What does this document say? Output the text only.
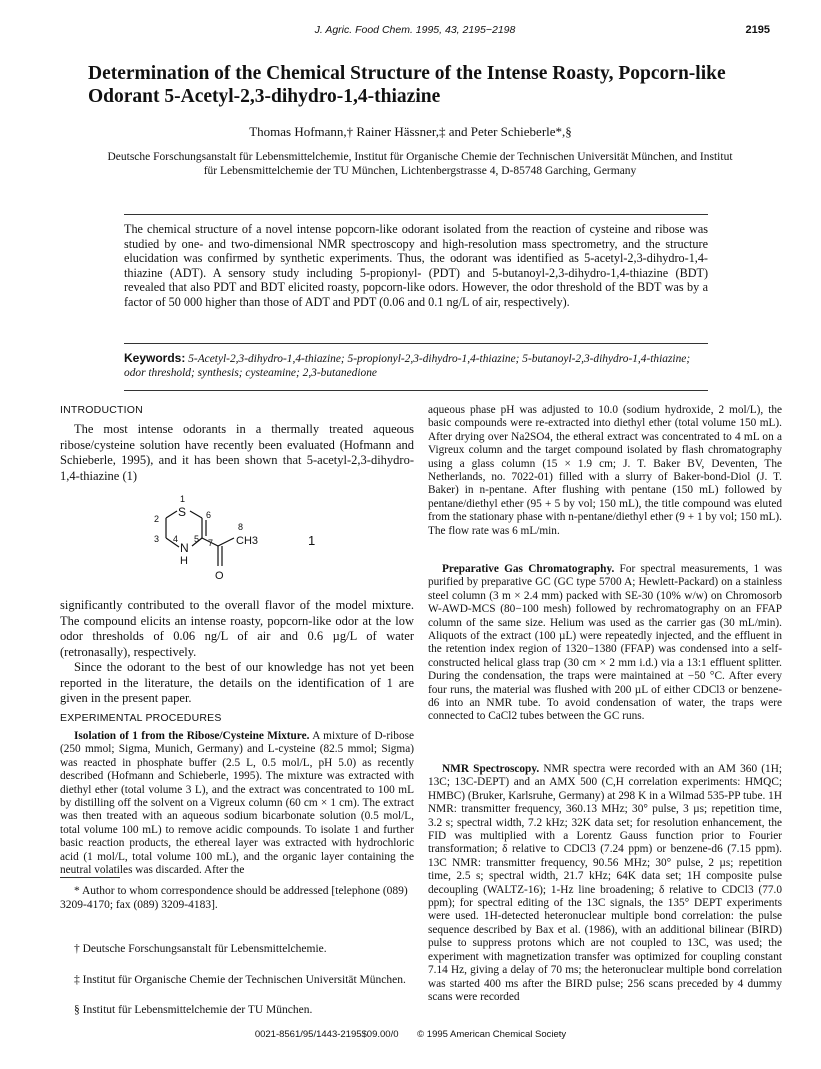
J. Agric. Food Chem. 1995, 43, 2195−2198	2195
Determination of the Chemical Structure of the Intense Roasty, Popcorn-like Odorant 5-Acetyl-2,3-dihydro-1,4-thiazine
Thomas Hofmann,† Rainer Hässner,‡ and Peter Schieberle*,§
Deutsche Forschungsanstalt für Lebensmittelchemie, Institut für Organische Chemie der Technischen Universität München, and Institut für Lebensmittelchemie der TU München, Lichtenbergstrasse 4, D-85748 Garching, Germany
The chemical structure of a novel intense popcorn-like odorant isolated from the reaction of cysteine and ribose was studied by one- and two-dimensional NMR spectroscopy and high-resolution mass spectrometry, and the structure elucidation was confirmed by synthetic experiments. Thus, the odorant was identified as 5-acetyl-2,3-dihydro-1,4-thiazine (ADT). A sensory study including 5-propionyl- (PDT) and 5-butanoyl-2,3-dihydro-1,4-thiazine (BDT) revealed that also PDT and BDT elicited roasty, popcorn-like odors. However, the odor threshold of the BDT was by a factor of 50 000 higher than those of ADT and PDT (0.06 and 0.1 ng/L of air, respectively).
Keywords: 5-Acetyl-2,3-dihydro-1,4-thiazine; 5-propionyl-2,3-dihydro-1,4-thiazine; 5-butanoyl-2,3-dihydro-1,4-thiazine; odor threshold; synthesis; cysteamine; 2,3-butanedione
INTRODUCTION
The most intense odorants in a thermally treated aqueous ribose/cysteine solution have recently been evaluated (Hofmann and Schieberle, 1995), and it has been shown that 5-acetyl-2,3-dihydro-1,4-thiazine (1)
1
2
3 4 5
6
7
8
S
N
H
O
CH3	1
significantly contributed to the overall flavor of the model mixture. The compound elicits an intense roasty, popcorn-like odor at the low odor thresholds of 0.06 ng/L of air and 0.6 µg/L of water (retronasally), respectively.
Since the odorant to the best of our knowledge has not yet been reported in the literature, the details on the identification of 1 are given in the present paper.
EXPERIMENTAL PROCEDURES
Isolation of 1 from the Ribose/Cysteine Mixture. A mixture of D-ribose (250 mmol; Sigma, Munich, Germany) and L-cysteine (82.5 mmol; Sigma) was reacted in phosphate buffer (2.5 L, 0.5 mol/L, pH 5.0) as recently described (Hofmann and Schieberle, 1995). The mixture was extracted with diethyl ether (total volume 3 L), and the extract was concentrated to 100 mL by distilling off the solvent on a Vigreux column (60 cm × 1 cm). The extract was then treated with an aqueous sodium bicarbonate solution (0.5 mol/L, total volume 100 mL) to remove acidic compounds. To isolate 1 and further basic reaction products, the ethereal layer was extracted with hydrochloric acid (1 mol/L, total volume 100 mL), and the organic layer containing the neutral volatiles was discarded. After the
* Author to whom correspondence should be addressed [telephone (089) 3209-4170; fax (089) 3209-4183].
† Deutsche Forschungsanstalt für Lebensmittelchemie.
‡ Institut für Organische Chemie der Technischen Universität München.
§ Institut für Lebensmittelchemie der TU München.
aqueous phase pH was adjusted to 10.0 (sodium hydroxide, 2 mol/L), the basic compounds were re-extracted into diethyl ether (total volume 150 mL). After drying over Na2SO4, the etheral extract was concentrated to 4 mL on a Vigreux column and the target compound isolated by flash chromatography using a glass column (15 × 1.9 cm; J. T. Baker BV, Deventen, The Netherlands, no. 7022-01) filled with a slurry of Baker-bond-Diol (J. T. Baker) in n-pentane. After flushing with pentane (150 mL) followed by pentane/diethyl ether (95 + 5 by vol; 150 mL), the title compound was eluted from the stationary phase with n-pentane/diethyl ether (9 + 1 by vol; 150 mL). The flow rate was 6 mL/min.
Preparative Gas Chromatography. For spectral measurements, 1 was purified by preparative GC (GC type 5700 A; Hewlett-Packard) on a stainless steel column (3 m × 2.4 mm) packed with SE-30 (10% w/w) on Chromosorb W-AWD-MCS (80−100 mesh) followed by rechromatography on an FFAP column of the same size. Helium was used as the carrier gas (30 mL/min). Aliquots of the extract (100 µL) were repeatedly injected, and the effluent in the retention index region of 1320−1380 (FFAP) was condensed into a self-constructed helical glass trap (30 cm × 2 mm i.d.) via a 13:1 effluent splitter. During the condensation, the traps were maintained at −50 °C. After every four runs, the material was flushed with 200 µL of either CDCl3 or benzene-d6 into an NMR tube. To avoid condensation of water, the traps were connected to CaCl2 tubes between the GC runs.
NMR Spectroscopy. NMR spectra were recorded with an AM 360 (1H; 13C; 13C-DEPT) and an AMX 500 (C,H correlation experiments: HMQC; HMBC) (Bruker, Karlsruhe, Germany) at 298 K in a Wilmad 535-PP tube. 1H NMR: transmitter frequency, 360.13 MHz; 30° pulse, 3 µs; repetition time, 3.2 s; spectral width, 7.2 kHz; 32K data set; for resolution enhancement, the FID was multiplied with a Lorentz Gauss function prior to Fourier transformation; δ relative to CDCl3 (7.24 ppm) or benzene-d6 (7.15 ppm). 13C NMR: transmitter frequency, 90.56 MHz; 30° pulse, 2 µs; repetition time, 2.5 s; spectral width, 21.7 kHz; 64K data set; 1H composite pulse decoupling (WALTZ-16); 1-Hz line broadening; δ relative to CDCl3 (77.0 ppm); for spectral editing of the 13C signals, the 135° DEPT experiments were used. 1H-detected heteronuclear multiple bond correlation: the pulse sequence described by Bax et al. (1986), with an additional bilinear (BIRD) pulse to suppress protons which are not coupled to 13C, was used; the experiment with magnetization transfer was optimized for coupling constant 7.14 Hz, giving a delay of 70 ms; the heteronuclear multiple bond correlation was started 400 ms after the BIRD pulse; 256 scans preceded by 4 dummy scans were recorded
0021-8561/95/1443-2195$09.00/0 © 1995 American Chemical Society
